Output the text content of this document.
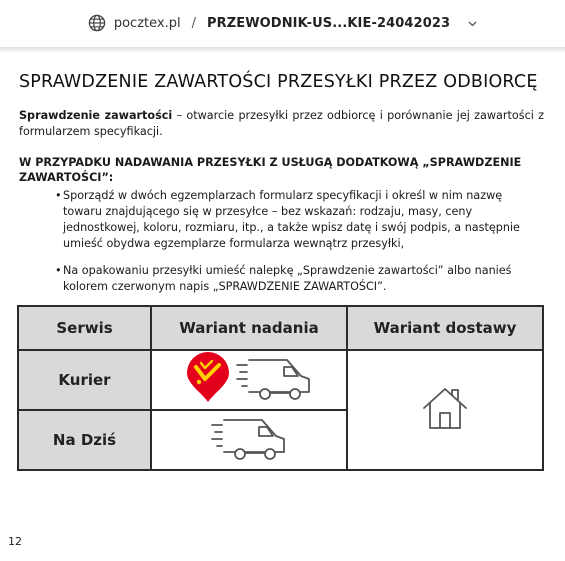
pocztex.pl / PRZEWODNIK-US...KIE-24042023
SPRAWDZENIE ZAWARTOŚCI PRZESYŁKI PRZEZ ODBIORCĘ
Sprawdzenie zawartości – otwarcie przesyłki przez odbiorcę i porównanie jej zawartości z formularzem specyfikacji.
W PRZYPADKU NADAWANIA PRZESYŁKI Z USŁUGĄ DODATKOWĄ „SPRAWDZENIE ZAWARTOŚCI”:
• Sporządź w dwóch egzemplarzach formularz specyfikacji i określ w nim nazwę towaru znajdującego się w przesyłce – bez wskazań: rodzaju, masy, ceny jednostkowej, koloru, rozmiaru, itp., a także wpisz datę i swój podpis, a następnie umieść obydwa egzemplarze formularza wewnątrz przesyłki,
• Na opakowaniu przesyłki umieść nalepkę „Sprawdzenie zawartości” albo nanieś kolorem czerwonym napis „SPRAWDZENIE ZAWARTOŚCI”.
Serwis	Wariant nadania	Wariant dostawy
Kurier	

Na Dziś	
12
